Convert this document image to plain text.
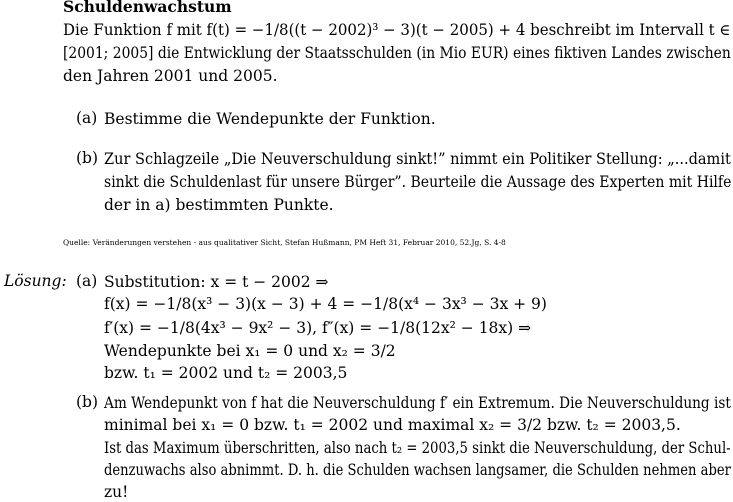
Schuldenwachstum
Die Funktion f mit f(t) = −1/8((t − 2002)³ − 3)(t − 2005) + 4 beschreibt im Intervall t ∈
[2001; 2005] die Entwicklung der Staatsschulden (in Mio EUR) eines fiktiven Landes zwischen
den Jahren 2001 und 2005.
(a) Bestimme die Wendepunkte der Funktion.
(b) Zur Schlagzeile „Die Neuverschuldung sinkt!” nimmt ein Politiker Stellung: „...damit
sinkt die Schuldenlast für unsere Bürger”. Beurteile die Aussage des Experten mit Hilfe
der in a) bestimmten Punkte.
Quelle: Veränderungen verstehen - aus qualitativer Sicht, Stefan Hußmann, PM Heft 31, Februar 2010, 52.Jg, S. 4-8
Lösung: (a) Substitution: x = t − 2002 ⇒
f(x) = −1/8(x³ − 3)(x − 3) + 4 = −1/8(x⁴ − 3x³ − 3x + 9)
f′(x) = −1/8(4x³ − 9x² − 3), f″(x) = −1/8(12x² − 18x) ⇒
Wendepunkte bei x₁ = 0 und x₂ = 3/2
bzw. t₁ = 2002 und t₂ = 2003,5
(b) Am Wendepunkt von f hat die Neuverschuldung f′ ein Extremum. Die Neuverschuldung ist
minimal bei x₁ = 0 bzw. t₁ = 2002 und maximal x₂ = 3/2 bzw. t₂ = 2003,5.
Ist das Maximum überschritten, also nach t₂ = 2003,5 sinkt die Neuverschuldung, der Schul-
denzuwachs also abnimmt. D. h. die Schulden wachsen langsamer, die Schulden nehmen aber
zu!
